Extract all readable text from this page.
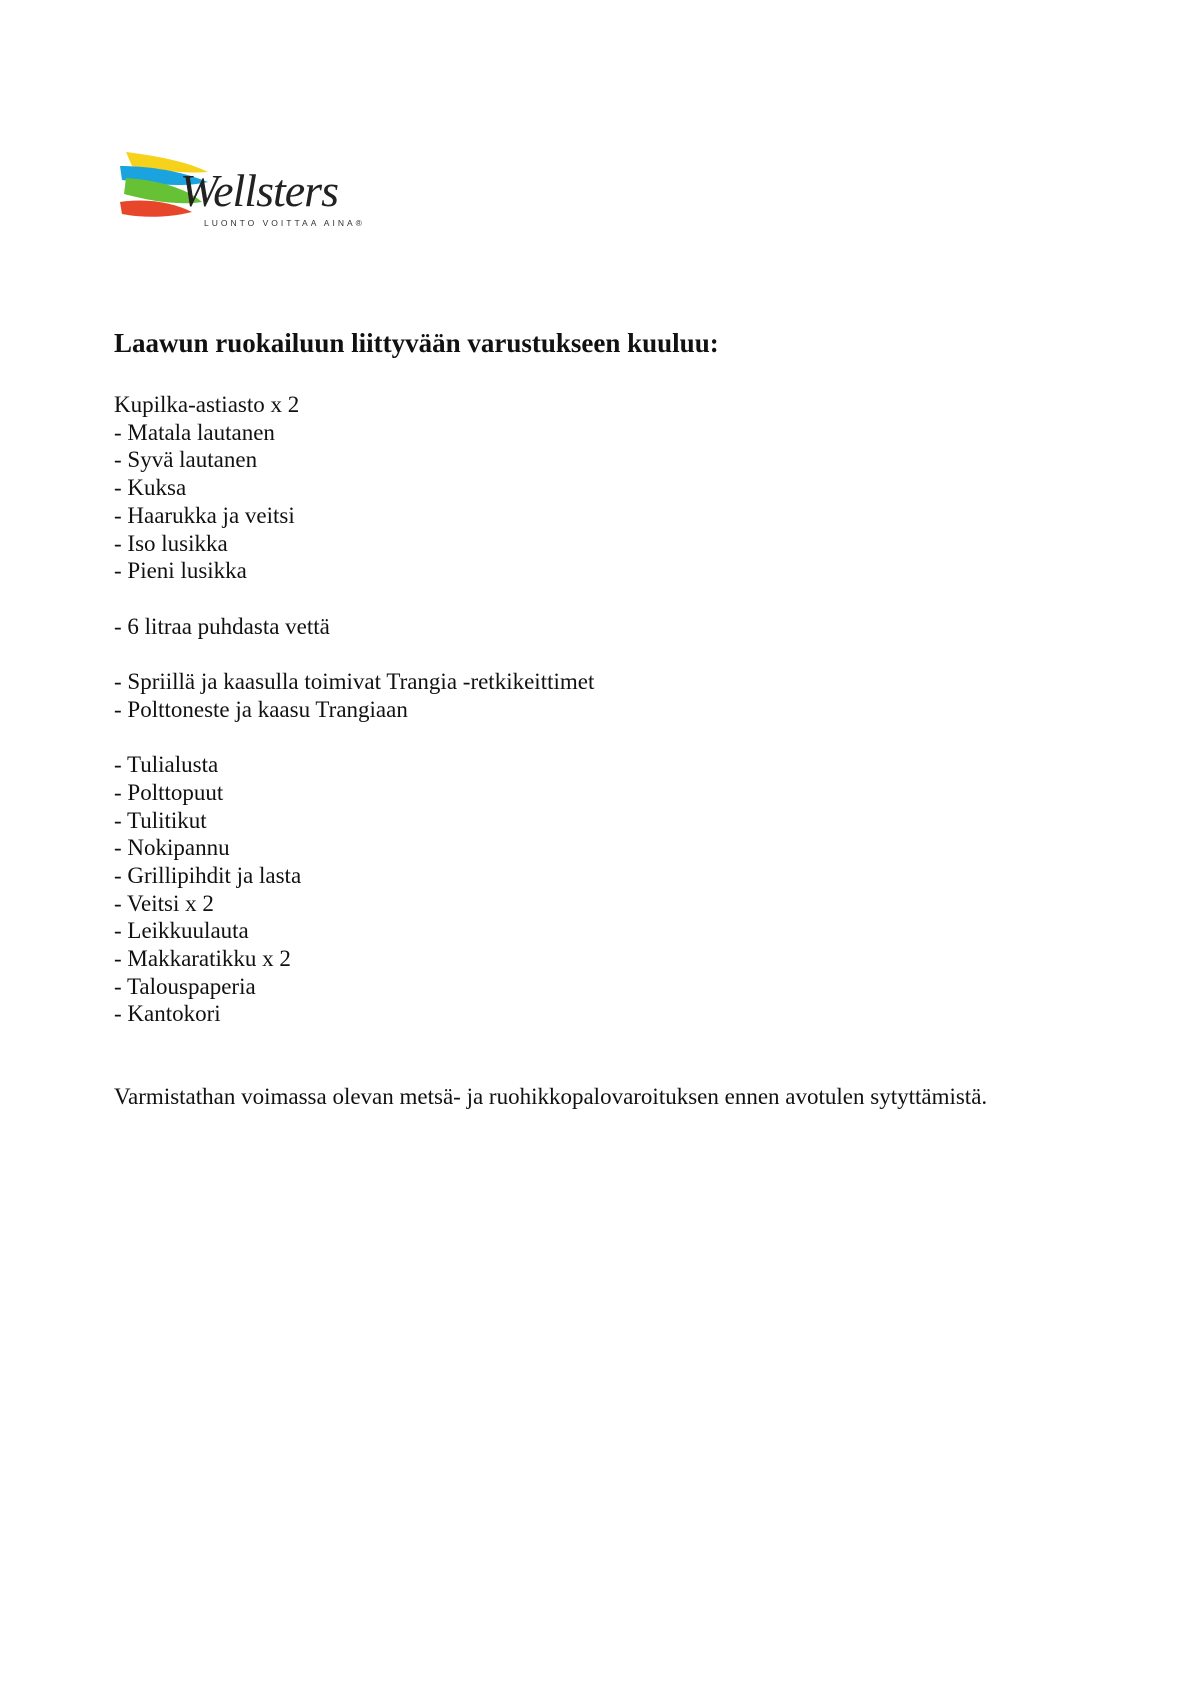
Wellsters
LUONTO VOITTAA AINA®
Laawun ruokailuun liittyvään varustukseen kuuluu:
Kupilka-astiasto x 2
- Matala lautanen
- Syvä lautanen
- Kuksa
- Haarukka ja veitsi
- Iso lusikka
- Pieni lusikka
- 6 litraa puhdasta vettä
- Spriillä ja kaasulla toimivat Trangia -retkikeittimet
- Polttoneste ja kaasu Trangiaan
- Tulialusta
- Polttopuut
- Tulitikut
- Nokipannu
- Grillipihdit ja lasta
- Veitsi x 2
- Leikkuulauta
- Makkaratikku x 2
- Talouspaperia
- Kantokori

Varmistathan voimassa olevan metsä- ja ruohikkopalovaroituksen ennen avotulen sytyttämistä.
